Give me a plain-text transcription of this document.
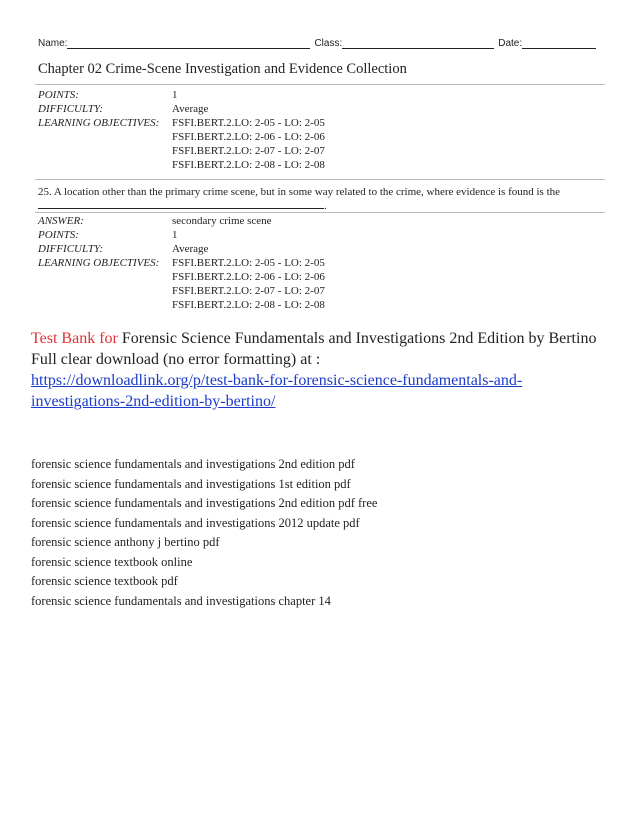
Name:	Class:	Date:
Chapter 02 Crime-Scene Investigation and Evidence Collection
POINTS:	1
DIFFICULTY:	Average
LEARNING OBJECTIVES:	FSFI.BERT.2.LO: 2-05 - LO: 2-05
FSFI.BERT.2.LO: 2-06 - LO: 2-06
FSFI.BERT.2.LO: 2-07 - LO: 2-07
FSFI.BERT.2.LO: 2-08 - LO: 2-08
25. A location other than the primary crime scene, but in some way related to the crime, where evidence is found is the
.
ANSWER:	secondary crime scene
POINTS:	1
DIFFICULTY:	Average
LEARNING OBJECTIVES:	FSFI.BERT.2.LO: 2-05 - LO: 2-05
FSFI.BERT.2.LO: 2-06 - LO: 2-06
FSFI.BERT.2.LO: 2-07 - LO: 2-07
FSFI.BERT.2.LO: 2-08 - LO: 2-08
Test Bank for Forensic Science Fundamentals and Investigations 2nd Edition by Bertino
Full clear download (no error formatting) at :
https://downloadlink.org/p/test-bank-for-forensic-science-fundamentals-and-investigations-2nd-edition-by-bertino/
forensic science fundamentals and investigations 2nd edition pdf
forensic science fundamentals and investigations 1st edition pdf
forensic science fundamentals and investigations 2nd edition pdf free
forensic science fundamentals and investigations 2012 update pdf
forensic science anthony j bertino pdf
forensic science textbook online
forensic science textbook pdf
forensic science fundamentals and investigations chapter 14
